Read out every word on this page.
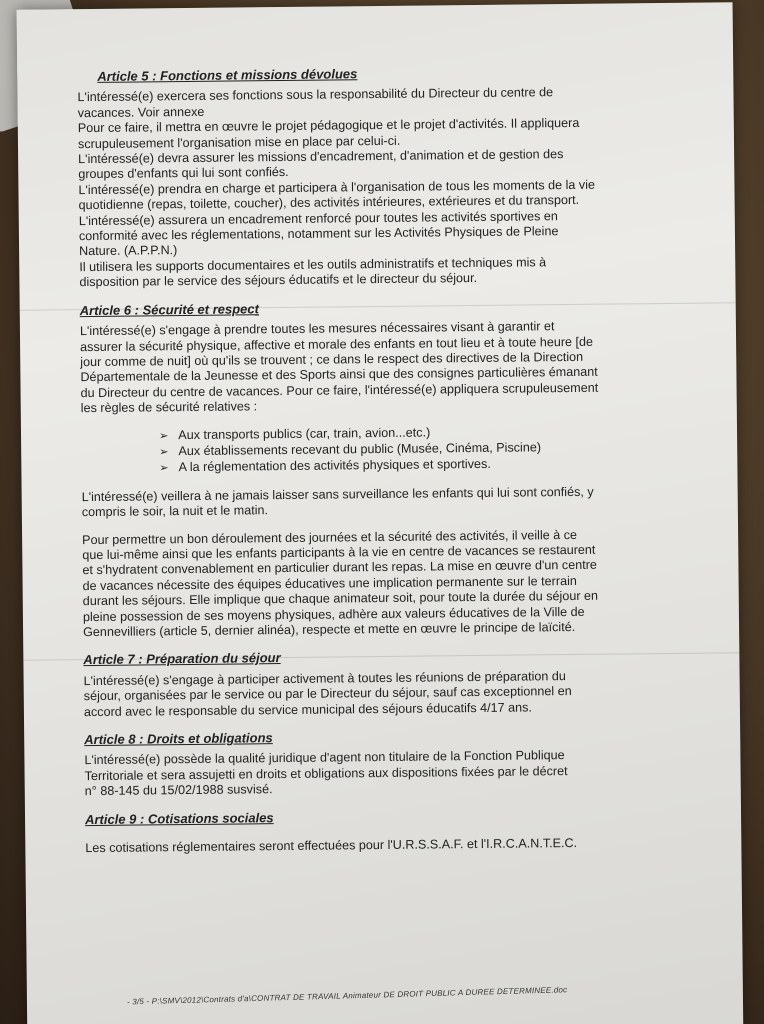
Article 5 : Fonctions et missions dévolues
L'intéressé(e) exercera ses fonctions sous la responsabilité du Directeur du centre de
vacances. Voir annexe
Pour ce faire, il mettra en œuvre le projet pédagogique et le projet d'activités. Il appliquera
scrupuleusement l'organisation mise en place par celui-ci.
L'intéressé(e) devra assurer les missions d'encadrement, d'animation et de gestion des
groupes d'enfants qui lui sont confiés.
L'intéressé(e) prendra en charge et participera à l'organisation de tous les moments de la vie
quotidienne (repas, toilette, coucher), des activités intérieures, extérieures et du transport.
L'intéressé(e) assurera un encadrement renforcé pour toutes les activités sportives en
conformité avec les réglementations, notamment sur les Activités Physiques de Pleine
Nature. (A.P.P.N.)
Il utilisera les supports documentaires et les outils administratifs et techniques mis à
disposition par le service des séjours éducatifs et le directeur du séjour.
Article 6 : Sécurité et respect
L'intéressé(e) s'engage à prendre toutes les mesures nécessaires visant à garantir et
assurer la sécurité physique, affective et morale des enfants en tout lieu et à toute heure [de
jour comme de nuit] où qu'ils se trouvent ; ce dans le respect des directives de la Direction
Départementale de la Jeunesse et des Sports ainsi que des consignes particulières émanant
du Directeur du centre de vacances. Pour ce faire, l'intéressé(e) appliquera scrupuleusement
les règles de sécurité relatives :
➢ Aux transports publics (car, train, avion...etc.)
➢ Aux établissements recevant du public (Musée, Cinéma, Piscine)
➢ A la réglementation des activités physiques et sportives.
L'intéressé(e) veillera à ne jamais laisser sans surveillance les enfants qui lui sont confiés, y
compris le soir, la nuit et le matin.
Pour permettre un bon déroulement des journées et la sécurité des activités, il veille à ce
que lui-même ainsi que les enfants participants à la vie en centre de vacances se restaurent
et s'hydratent convenablement en particulier durant les repas. La mise en œuvre d'un centre
de vacances nécessite des équipes éducatives une implication permanente sur le terrain
durant les séjours. Elle implique que chaque animateur soit, pour toute la durée du séjour en
pleine possession de ses moyens physiques, adhère aux valeurs éducatives de la Ville de
Gennevilliers (article 5, dernier alinéa), respecte et mette en œuvre le principe de laïcité.
Article 7 : Préparation du séjour
L'intéressé(e) s'engage à participer activement à toutes les réunions de préparation du
séjour, organisées par le service ou par le Directeur du séjour, sauf cas exceptionnel en
accord avec le responsable du service municipal des séjours éducatifs 4/17 ans.
Article 8 : Droits et obligations
L'intéressé(e) possède la qualité juridique d'agent non titulaire de la Fonction Publique
Territoriale et sera assujetti en droits et obligations aux dispositions fixées par le décret
n° 88-145 du 15/02/1988 susvisé.
Article 9 : Cotisations sociales
Les cotisations réglementaires seront effectuées pour l'U.R.S.S.A.F. et l'I.R.C.A.N.T.E.C.
- 3/5 - P:\SMV\2012\Contrats d'a\CONTRAT DE TRAVAIL Animateur DE DROIT PUBLIC A DUREE DETERMINEE.doc
